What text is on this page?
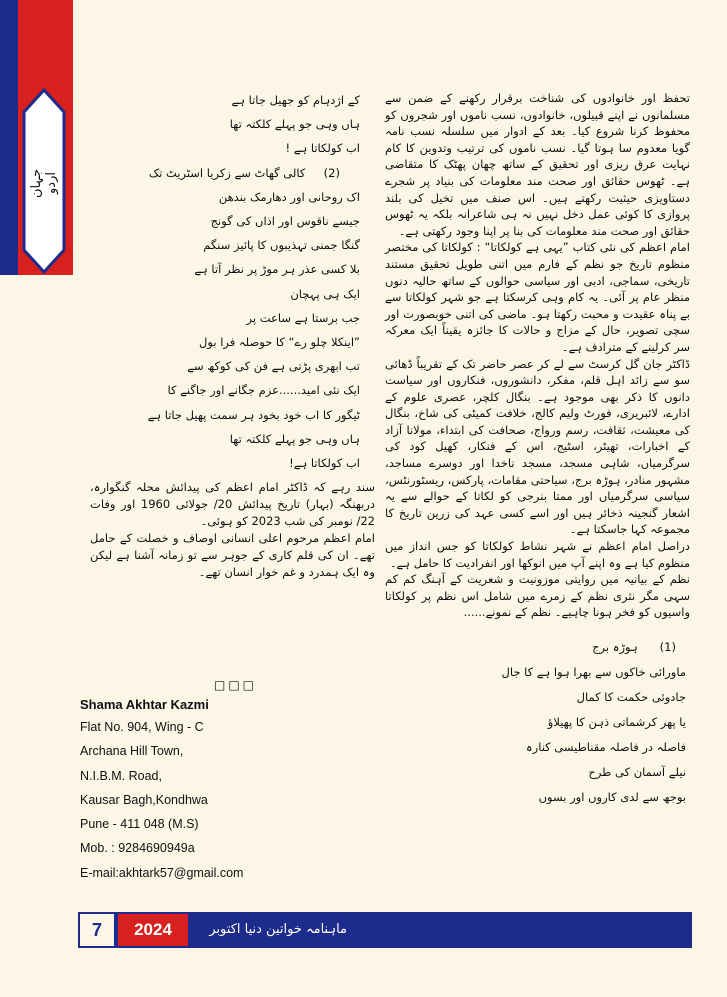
جہان اردو

تحفظ اور خانوادوں کی شناخت برقرار رکھنے کے ضمن سے مسلمانوں نے اپنے قبیلوں، خانوادوں، نسب ناموں اور شجروں کو محفوظ کرنا شروع کیا۔ بعد کے ادوار میں سلسلہ نسب نامہ گویا معدوم سا ہوتا گیا۔ نسب ناموں کی ترتیب وتدوین کا کام نہایت عرق ریزی اور تحقیق کے ساتھ چھان پھٹک کا متقاضی ہے۔ ٹھوس حقائق اور صحت مند معلومات کی بنیاد پر شجرے دستاویزی حیثیت رکھتے ہیں۔ اس صنف میں تخیل کی بلند پروازی کا کوئی عمل دخل نہیں نہ ہی شاعرانہ بلکہ یہ ٹھوس حقائق اور صحت مند معلومات کی بنا پر اپنا وجود رکھتی ہے۔

امام اعظم کی نئی کتاب ”یہی ہے کولکاتا“ : کولکاتا کی مختصر منظوم تاریخ جو نظم کے فارم میں اتنی طویل تحقیق مستند تاریخی، سماجی، ادبی اور سیاسی حوالوں کے ساتھ حالیہ دنوں منظر عام پر آئی۔ یہ کام وہی کرسکتا ہے جو شہر کولکاتا سے بے پناہ عقیدت و محبت رکھتا ہو۔ ماضی کی اتنی خوبصورت اور سچی تصویر، حال کے مزاج و حالات کا جائزہ یقیناً ایک معرکہ سر کرلینے کے مترادف ہے۔

ڈاکٹر جان گل کرسٹ سے لے کر عصر حاضر تک کے تقریباً ڈھائی سو سے زائد اہل قلم، مفکر، دانشوروں، فنکاروں اور سیاست دانوں کا ذکر بھی موجود ہے۔ بنگال کلچر، عصری علوم کے ادارے، لائبریری، فورٹ ولیم کالج، خلافت کمیٹی کی شاخ، بنگال کی معیشت، ثقافت، رسم ورواج، صحافت کی ابتداء، مولانا آزاد کے اخبارات، تھیٹر، اسٹیج، اس کے فنکار، کھیل کود کی سرگرمیاں، شاہی مسجد، مسجد ناخدا اور دوسرے مساجد، مشہور منادر، ہوڑہ برج، سیاحتی مقامات، پارکس، ریسٹورنٹس، سیاسی سرگرمیاں اور ممتا بنرجی کو لکاتا کے حوالے سے یہ اشعار گنجینہ ذخائر ہیں اور اسے کسی عہد کی زرین تاریخ کا مجموعہ کہا جاسکتا ہے۔

دراصل امام اعظم نے شہر نشاط کولکاتا کو جس انداز میں منظوم کیا ہے وہ اپنے آپ میں انوکھا اور انفرادیت کا حامل ہے۔

نظم کے بیانیہ میں روایتی موزونیت و شعریت کے آہنگ کم کم سہی مگر نثری نظم کے زمرے میں شامل اس نظم پر کولکاتا واسیوں کو فخر ہونا چاہیے۔ نظم کے نمونے......

(1)      ہوڑہ برج
ماورائی خاکوں سے بھرا ہوا ہے کا جال
جادوئی حکمت کا کمال
یا پھر کرشماتی ذہن کا پھیلاؤ
فاصلہ در فاصلہ مقناطیسی کنارہ
نیلے آسمان کی طرح
بوجھ سے لدی کاروں اور بسوں
کے اژدہام کو جھیل جاتا ہے
ہاں وہی جو پہلے کلکتہ تھا
اب کولکاتا ہے !
(2)     کالی گھاٹ سے زکریا اسٹریٹ تک
اک روحانی اور دھارمک بندھن
جیسے ناقوس اور اذاں کی گونج
گنگا جمنی تہذیبوں کا پائیز سنگم
بلا کسی عذر ہر موڑ پر نظر آتا ہے
ایک ہی پہچان
جب برستا ہے ساعت پر
”اینکلا چلو رے“ کا حوصلہ فرا بول
تب ابھری پڑتی ہے فن کی کوکھ سے
ایک نئی امید......عزم جگانے اور جاگنے کا
ٹیگور کا اب خود بخود ہر سمت پھیل جاتا ہے
ہاں وہی جو پہلے کلکتہ تھا
اب کولکاتا ہے!

سند رہے کہ ڈاکٹر امام اعظم کی پیدائش محلہ گنگوارہ، دربھنگہ (بہار) تاریخ پیدائش 20/ جولائی 1960 اور وفات 22/ نومبر کی شب 2023 کو ہوئی۔

امام اعظم مرحوم اعلی انسانی اوصاف و خصلت کے حامل تھے۔ ان کی قلم کاری کے جوہر سے تو زمانہ آشنا ہے لیکن وہ ایک ہمدرد و غم خوار انسان تھے۔

□□□
Shama Akhtar Kazmi
Flat No. 904, Wing - C
Archana Hill Town,
N.I.B.M. Road,
Kausar Bagh,Kondhwa
Pune - 411 048 (M.S)
Mob. : 9284690949a
E-mail:akhtark57@gmail.com
7	2024	ماہنامہ خواتین دنیا اکتوبر
